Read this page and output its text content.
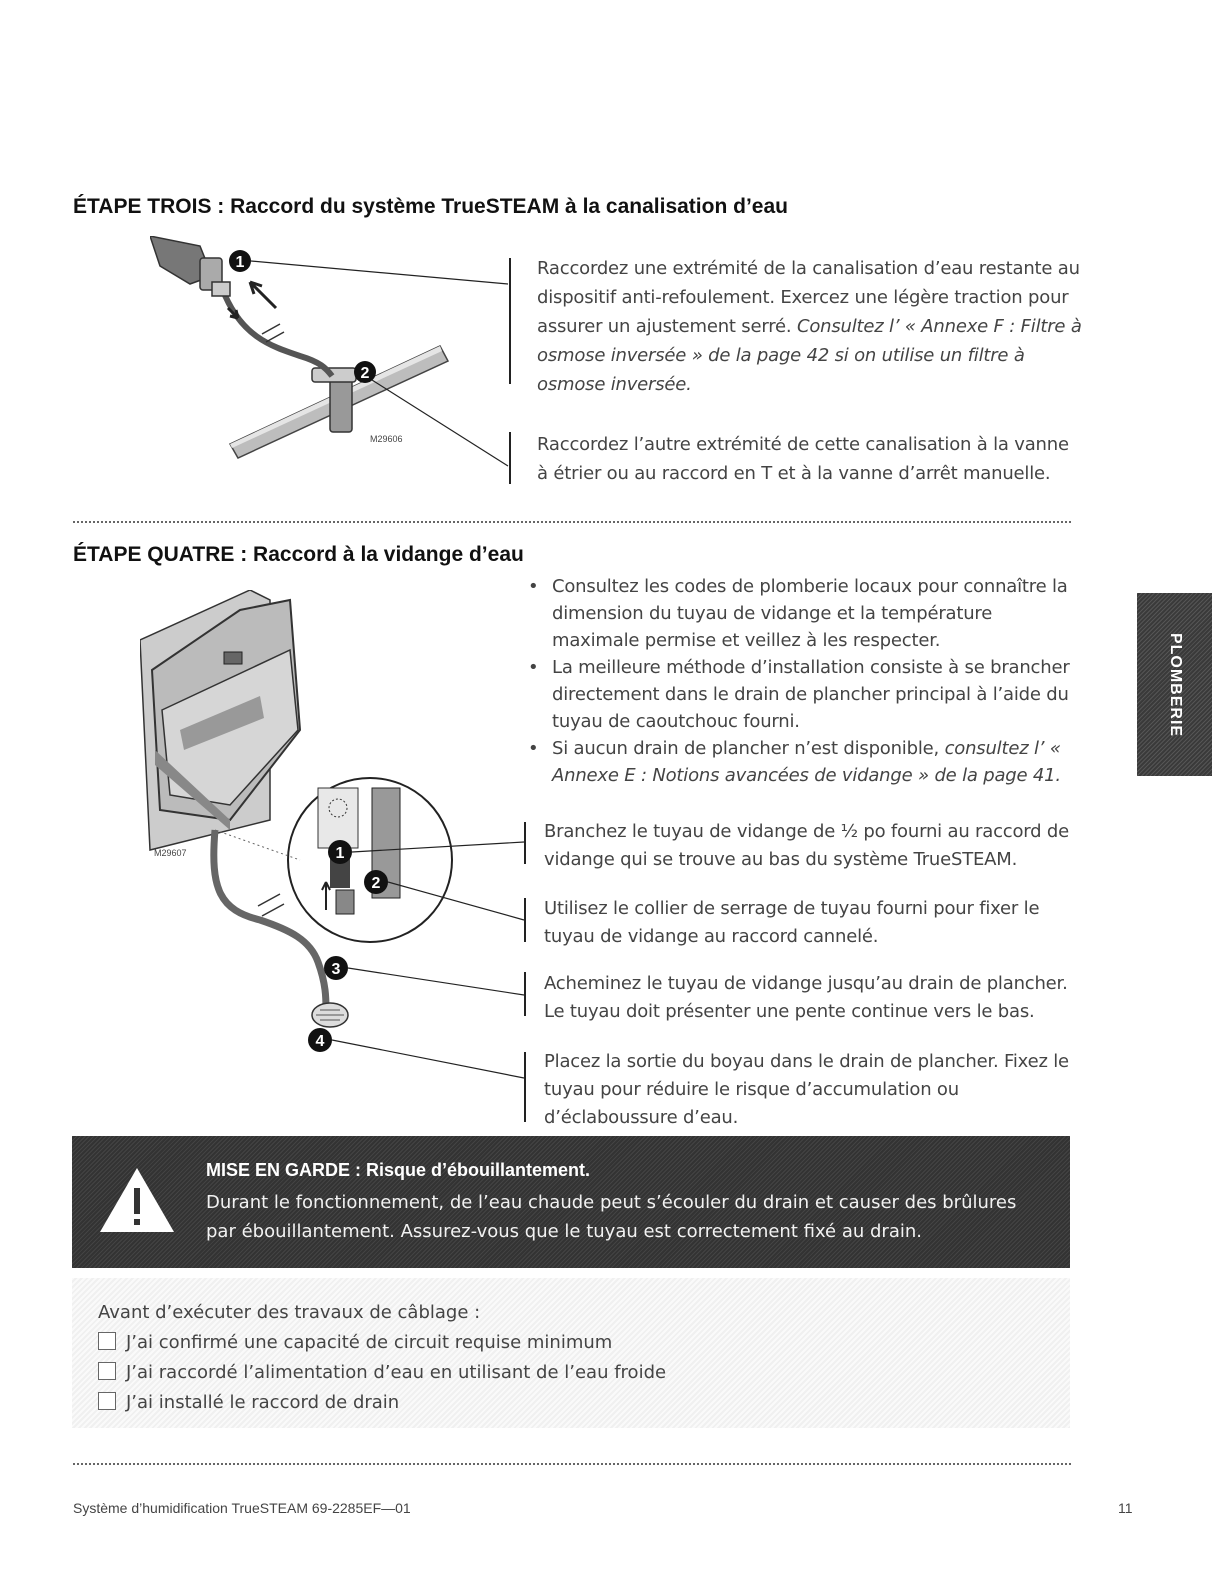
ÉTAPE TROIS : Raccord du système TrueSTEAM à la canalisation d’eau
1
2
M29606
Raccordez une extrémité de la canalisation d’eau restante au dispositif anti-refoulement. Exercez une légère traction pour assurer un ajustement serré. Consultez l’ « Annexe F : Filtre à osmose inversée » de la page 42 si on utilise un filtre à osmose inversée.
Raccordez l’autre extrémité de cette canalisation à la vanne à étrier ou au raccord en T et à la vanne d’arrêt manuelle.
ÉTAPE QUATRE : Raccord à la vidange d’eau
• Consultez les codes de plomberie locaux pour connaître la dimension du tuyau de vidange et la température maximale permise et veillez à les respecter.
• La meilleure méthode d’installation consiste à se brancher directement dans le drain de plancher principal à l’aide du tuyau de caoutchouc fourni.
• Si aucun drain de plancher n’est disponible, consultez l’ « Annexe E : Notions avancées de vidange » de la page 41.
1
2
3
4
M29607
Branchez le tuyau de vidange de ½ po fourni au raccord de vidange qui se trouve au bas du système TrueSTEAM.
Utilisez le collier de serrage de tuyau fourni pour fixer le tuyau de vidange au raccord cannelé.
Acheminez le tuyau de vidange jusqu’au drain de plancher. Le tuyau doit présenter une pente continue vers le bas.
Placez la sortie du boyau dans le drain de plancher. Fixez le tuyau pour réduire le risque d’accumulation ou d’éclaboussure d’eau.
MISE EN GARDE : Risque d’ébouillantement.
Durant le fonctionnement, de l’eau chaude peut s’écouler du drain et causer des brûlures par ébouillantement. Assurez-vous que le tuyau est correctement fixé au drain.
Avant d’exécuter des travaux de câblage :
J’ai confirmé une capacité de circuit requise minimum
J’ai raccordé l’alimentation d’eau en utilisant de l’eau froide
J’ai installé le raccord de drain
PLOMBERIE
Système d’humidification TrueSTEAM 69-2285EF—01	11
